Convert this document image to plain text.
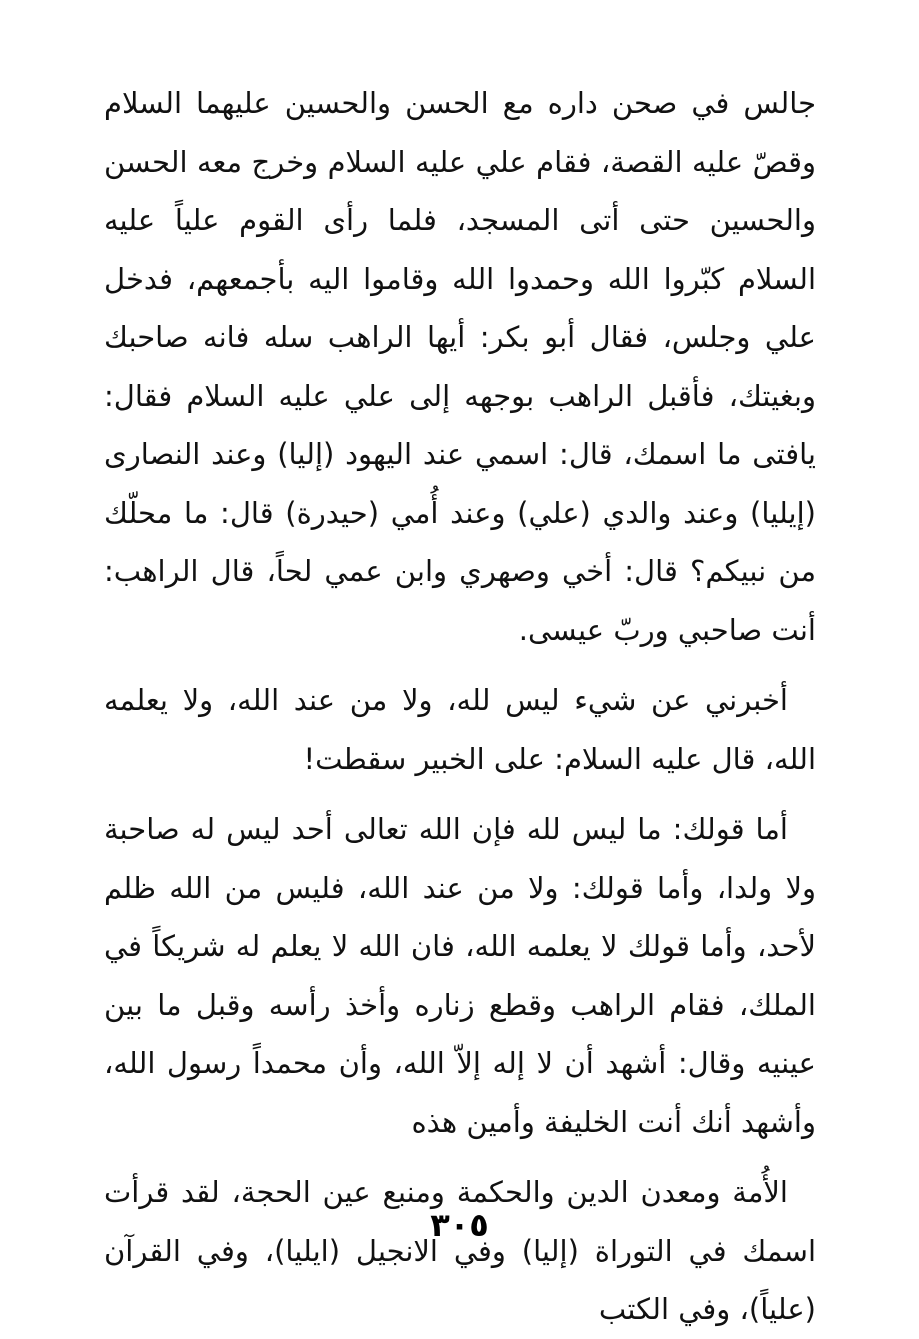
جالس في صحن داره مع الحسن والحسين عليهما السلام وقصّ عليه القصة، فقام علي عليه السلام وخرج معه الحسن والحسين حتى أتى المسجد، فلما رأى القوم علياً عليه السلام كبّروا الله وحمدوا الله وقاموا اليه بأجمعهم، فدخل علي وجلس، فقال أبو بكر: أيها الراهب سله فانه صاحبك وبغيتك، فأقبل الراهب بوجهه إلى علي عليه السلام فقال: يافتى ما اسمك، قال: اسمي عند اليهود (إليا) وعند النصارى (إيليا) وعند والدي (علي) وعند أُمي (حيدرة) قال: ما محلّك من نبيكم؟ قال: أخي وصهري وابن عمي لحاً، قال الراهب: أنت صاحبي وربّ عيسى.

أخبرني عن شيء ليس لله، ولا من عند الله، ولا يعلمه الله، قال عليه السلام: على الخبير سقطت!

أما قولك: ما ليس لله فإن الله تعالى أحد ليس له صاحبة ولا ولدا، وأما قولك: ولا من عند الله، فليس من الله ظلم لأحد، وأما قولك لا يعلمه الله، فان الله لا يعلم له شريكاً في الملك، فقام الراهب وقطع زناره وأخذ رأسه وقبل ما بين عينيه وقال: أشهد أن لا إله إلاّ الله، وأن محمداً رسول الله، وأشهد أنك أنت الخليفة وأمين هذه

الأُمة ومعدن الدين والحكمة ومنبع عين الحجة، لقد قرأت اسمك في التوراة (إليا) وفي الانجيل (ايليا)، وفي القرآن (علياً)، وفي الكتب

٣٠٥
